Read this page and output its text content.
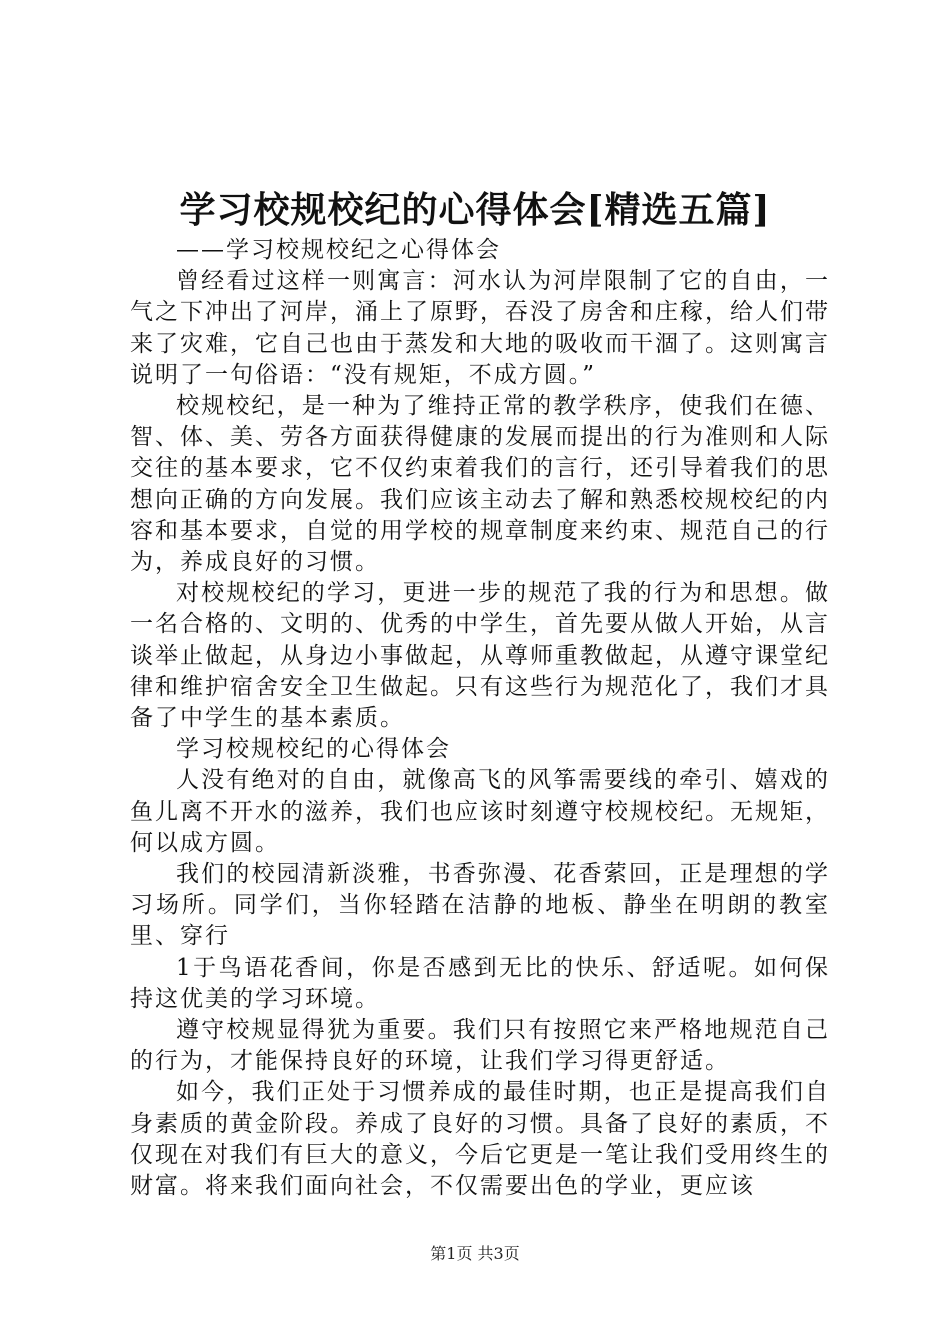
学习校规校纪的心得体会[精选五篇]

——学习校规校纪之心得体会

曾经看过这样一则寓言：河水认为河岸限制了它的自由，一气之下冲出了河岸，涌上了原野，吞没了房舍和庄稼，给人们带来了灾难，它自己也由于蒸发和大地的吸收而干涸了。这则寓言说明了一句俗语：“没有规矩，不成方圆。”

校规校纪，是一种为了维持正常的教学秩序，使我们在德、智、体、美、劳各方面获得健康的发展而提出的行为准则和人际交往的基本要求，它不仅约束着我们的言行，还引导着我们的思想向正确的方向发展。我们应该主动去了解和熟悉校规校纪的内容和基本要求，自觉的用学校的规章制度来约束、规范自己的行为，养成良好的习惯。

对校规校纪的学习，更进一步的规范了我的行为和思想。做一名合格的、文明的、优秀的中学生，首先要从做人开始，从言谈举止做起，从身边小事做起，从尊师重教做起，从遵守课堂纪律和维护宿舍安全卫生做起。只有这些行为规范化了，我们才具备了中学生的基本素质。

学习校规校纪的心得体会

人没有绝对的自由，就像高飞的风筝需要线的牵引、嬉戏的鱼儿离不开水的滋养，我们也应该时刻遵守校规校纪。无规矩，何以成方圆。

我们的校园清新淡雅，书香弥漫、花香萦回，正是理想的学习场所。同学们，当你轻踏在洁静的地板、静坐在明朗的教室里、穿行

1于鸟语花香间，你是否感到无比的快乐、舒适呢。如何保持这优美的学习环境。

遵守校规显得犹为重要。我们只有按照它来严格地规范自己的行为，才能保持良好的环境，让我们学习得更舒适。

如今，我们正处于习惯养成的最佳时期，也正是提高我们自身素质的黄金阶段。养成了良好的习惯。具备了良好的素质，不仅现在对我们有巨大的意义，今后它更是一笔让我们受用终生的财富。将来我们面向社会，不仅需要出色的学业，更应该

第1页 共3页
